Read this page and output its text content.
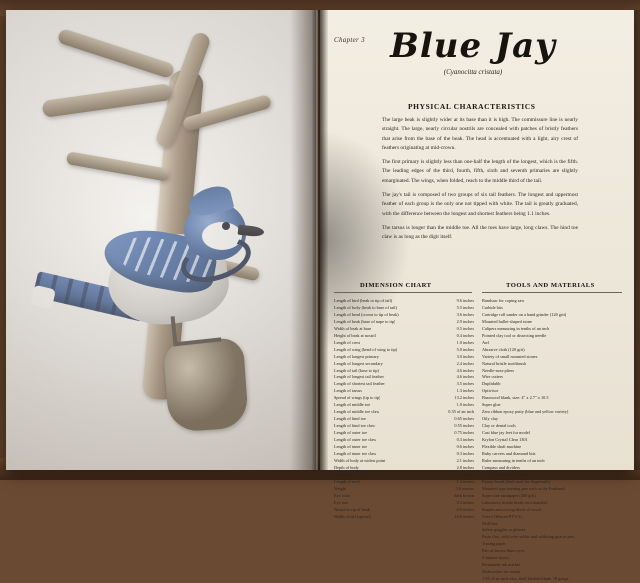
Chapter 3 Blue Jay
(Cyanocitta cristata)
PHYSICAL CHARACTERISTICS

The large beak is slightly wider at its base than it is high. The commissure line is nearly straight. The large, nearly circular nostrils are concealed with patches of bristly feathers that arise from the base of the beak. The head is accentuated with a light, airy crest of feathers originating at mid-crown.

The first primary is slightly less than one-half the length of the longest, which is the fifth. The leading edges of the third, fourth, fifth, sixth and seventh primaries are slightly emarginated. The wings, when folded, reach to the middle third of the tail.

The jay's tail is composed of two groups of six tail feathers. The longest and uppermost feather of each group is the only one not tipped with white. The tail is greatly graduated, with the difference between the longest and shortest feathers being 1.1 inches.

The tarsus is longer than the middle toe. All the toes have large, long claws. The hind toe claw is as long as the digit itself.

DIMENSION CHART	TOOLS AND MATERIALS
Length of bird (beak to tip of tail)	9.6 inches
Length of body (beak to base of tail)	5.5 inches
Length of head (crown to tip of beak)	3.6 inches
Length of beak (base of nape to tip)	2.9 inches
Width of beak at base	0.5 inches
Height of beak at nostril	0.4 inches
Length of crest	1.0 inches
Length of wing (bend of wing to tip)	5.0 inches
Length of longest primary	3.0 inches
Length of longest secondary	2.4 inches
Length of tail (base to tip)	4.6 inches
Length of longest tail feather	4.6 inches
Length of shortest tail feather	3.5 inches
Length of tarsus	1.3 inches
Spread of wings (tip to tip)	13.2 inches
Length of middle toe	1.0 inches
Length of middle toe claw	0.35 of an inch
Length of hind toe	0.65 inches
Length of hind toe claw	0.55 inches
Length of outer toe	0.75 inches
Length of outer toe claw	0.3 inches
Length of inner toe	0.6 inches
Length of inner toe claw	0.3 inches
Width of body at widest point	2.1 inches
Depth of body	2.8 inches
Circumference of body	7.4 inches
Length of neck	1.4 inches
Weight	3.0 ounces
Eye color	dark brown
Eye size	0.3 inches
Nostril to tip of beak	0.9 inches
Width of tail (spread)	10.6 inches
Bandsaw for coping saw
Carbide bits
Cartridge roll sander on a hand grinder (120 grit)
Mounted bullet-shaped stone
Calipers measuring in tenths of an inch
Pointed clay tool or dissecting needle
Awl
Abrasive cloth (120 grit)
Variety of small mounted stones
Natural bristle toothbrush
Needle-nose pliers
Wire cutters
Duplidubb
Optivisor
Basswood blank, size: 4" x 2.7" x 10.5
Super glue
Zero ribbon epoxy putty (blue and yellow variety)
Oily clay
Clay or dental tools
Cast blue jay feet for model
Krylon Crystal Clear 1301
Flexible shaft machine
Ruby carvers and diamond bits
Ruler measuring in tenths of an inch
Compass and dividers
Gouge, knives and chisels
Emery board (kind used for fingernails)
Mounted type burning pen such as the Freehand
Super fine sandpaper (400 grit)
Laboratory bristle brush on a mandrel
Staples and a scrap block of wood
V-tool (Warren PTV-2)
Drill bits
Safety goggles or glasses
Paste flux, solid wire solder and soldering gun or pen
Tracing paper
Pair of brown 8mm eyes
5-minute epoxy
Permanent ink marker
Dishwasher for mount
1/16 of an inch wire, steel kitchen blade, 18 gauge
